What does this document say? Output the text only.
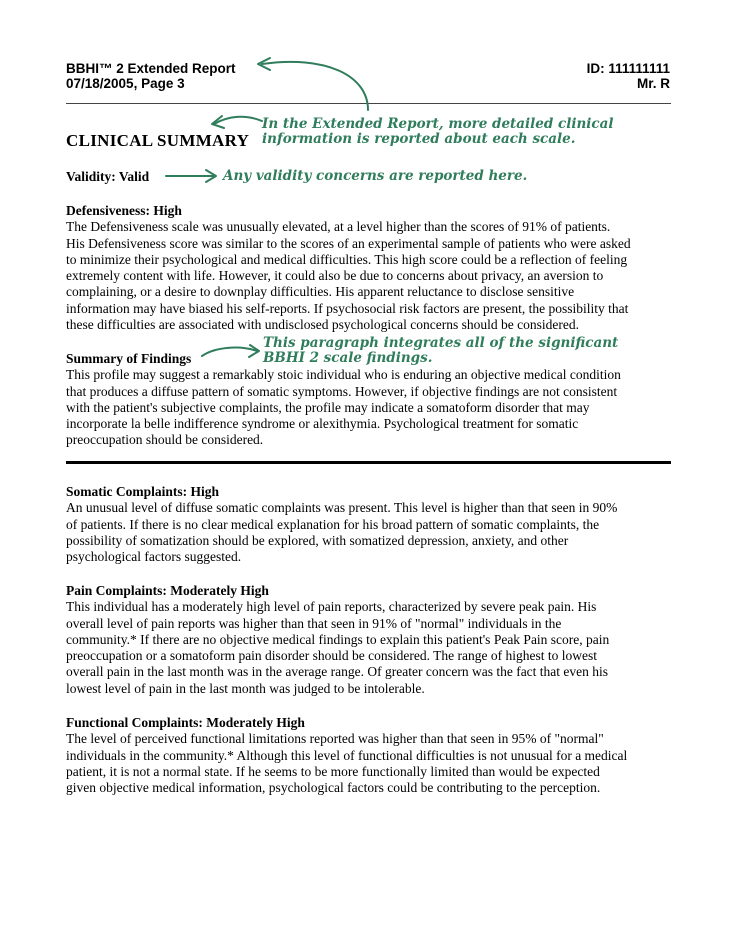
BBHI™ 2 Extended Report
07/18/2005, Page 3
ID: 111111111
Mr. R
CLINICAL SUMMARY
Validity: Valid
In the Extended Report, more detailed clinical
information is reported about each scale.
Any validity concerns are reported here.
This paragraph integrates all of the significant
BBHI 2 scale findings.

Defensiveness: High

The Defensiveness scale was unusually elevated, at a level higher than the scores of 91% of patients.

His Defensiveness score was similar to the scores of an experimental sample of patients who were asked

to minimize their psychological and medical difficulties. This high score could be a reflection of feeling

extremely content with life. However, it could also be due to concerns about privacy, an aversion to

complaining, or a desire to downplay difficulties. His apparent reluctance to disclose sensitive

information may have biased his self-reports. If psychosocial risk factors are present, the possibility that

these difficulties are associated with undisclosed psychological concerns should be considered.

Summary of Findings

This profile may suggest a remarkably stoic individual who is enduring an objective medical condition

that produces a diffuse pattern of somatic symptoms. However, if objective findings are not consistent

with the patient's subjective complaints, the profile may indicate a somatoform disorder that may

incorporate la belle indifference syndrome or alexithymia. Psychological treatment for somatic

preoccupation should be considered.

Somatic Complaints: High

An unusual level of diffuse somatic complaints was present. This level is higher than that seen in 90%

of patients. If there is no clear medical explanation for his broad pattern of somatic complaints, the

possibility of somatization should be explored, with somatized depression, anxiety, and other

psychological factors suggested.

Pain Complaints: Moderately High

This individual has a moderately high level of pain reports, characterized by severe peak pain. His

overall level of pain reports was higher than that seen in 91% of "normal" individuals in the

community.* If there are no objective medical findings to explain this patient's Peak Pain score, pain

preoccupation or a somatoform pain disorder should be considered. The range of highest to lowest

overall pain in the last month was in the average range. Of greater concern was the fact that even his

lowest level of pain in the last month was judged to be intolerable.

Functional Complaints: Moderately High

The level of perceived functional limitations reported was higher than that seen in 95% of "normal"

individuals in the community.* Although this level of functional difficulties is not unusual for a medical

patient, it is not a normal state. If he seems to be more functionally limited than would be expected

given objective medical information, psychological factors could be contributing to the perception.
